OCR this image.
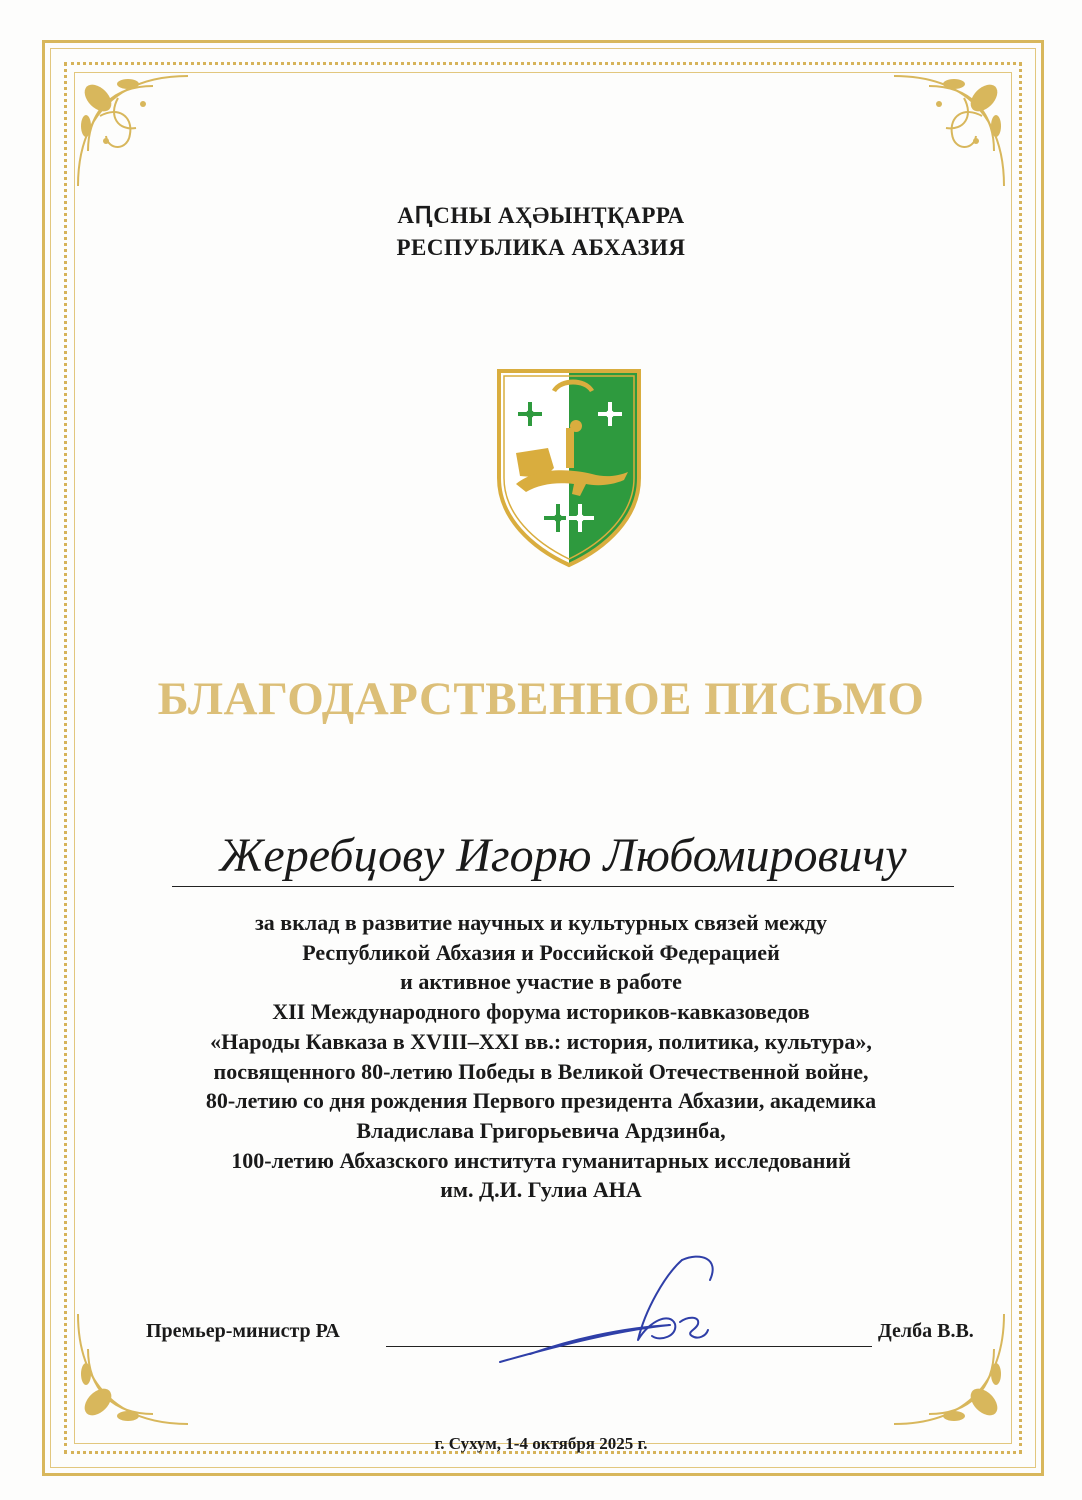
АԤСНЫ АҲӘЫНҬҚАРРА
РЕСПУБЛИКА АБХАЗИЯ
БЛАГОДАРСТВЕННОЕ ПИСЬМО
Жеребцову Игорю Любомировичу
за вклад в развитие научных и культурных связей между
Республикой Абхазия и Российской Федерацией
и активное участие в работе
XII Международного форума историков-кавказоведов
«Народы Кавказа в XVIII–XXI вв.: история, политика, культура»,
посвященного 80-летию Победы в Великой Отечественной войне,
80-летию со дня рождения Первого президента Абхазии, академика
Владислава Григорьевича Ардзинба,
100-летию Абхазского института гуманитарных исследований
им. Д.И. Гулиа АНА
Премьер-министр РА	Делба В.В.
г. Сухум, 1-4 октября 2025 г.
